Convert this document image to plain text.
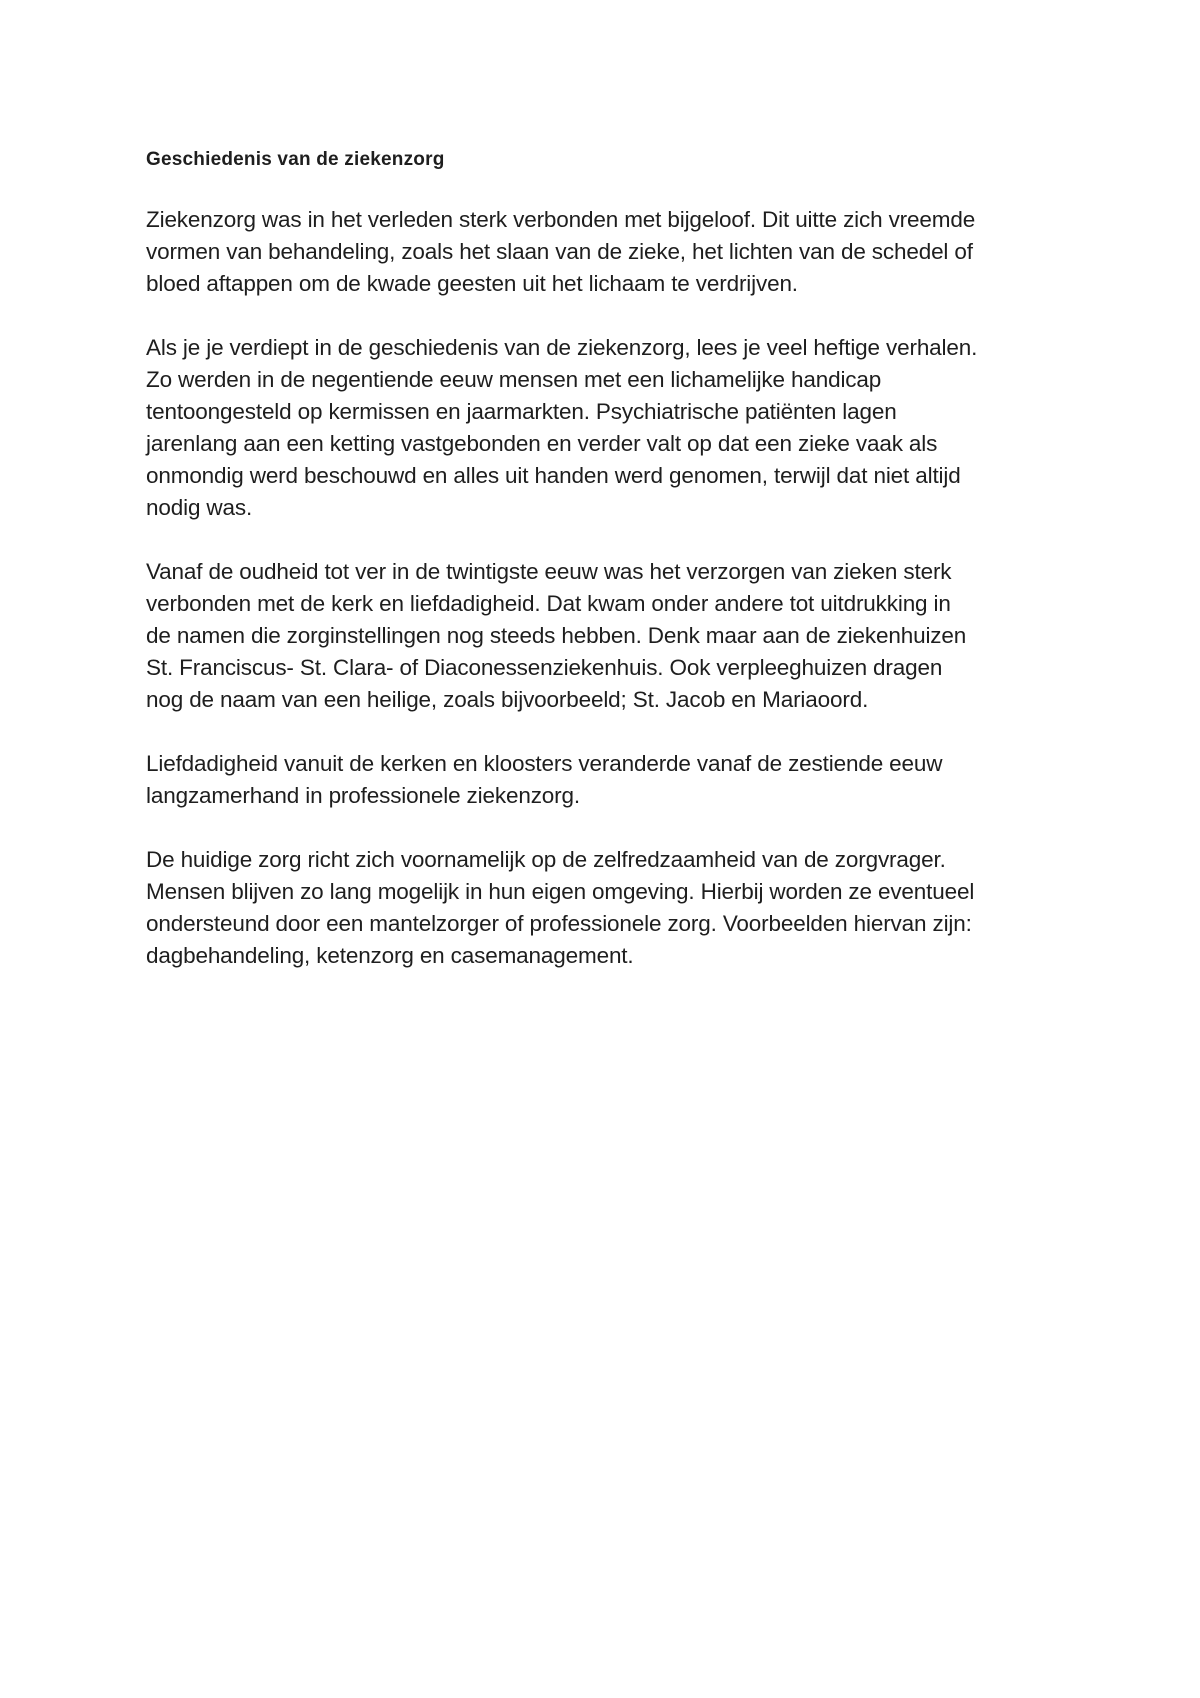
Geschiedenis van de ziekenzorg
Ziekenzorg was in het verleden sterk verbonden met bijgeloof. Dit uitte zich vreemde
vormen van behandeling, zoals het slaan van de zieke, het lichten van de schedel of
bloed aftappen om de kwade geesten uit het lichaam te verdrijven.
Als je je verdiept in de geschiedenis van de ziekenzorg, lees je veel heftige verhalen.
Zo werden in de negentiende eeuw mensen met een lichamelijke handicap
tentoongesteld op kermissen en jaarmarkten. Psychiatrische patiënten lagen
jarenlang aan een ketting vastgebonden en verder valt op dat een zieke vaak als
onmondig werd beschouwd en alles uit handen werd genomen, terwijl dat niet altijd
nodig was.
Vanaf de oudheid tot ver in de twintigste eeuw was het verzorgen van zieken sterk
verbonden met de kerk en liefdadigheid. Dat kwam onder andere tot uitdrukking in
de namen die zorginstellingen nog steeds hebben. Denk maar aan de ziekenhuizen
St. Franciscus- St. Clara- of Diaconessenziekenhuis. Ook verpleeghuizen dragen
nog de naam van een heilige, zoals bijvoorbeeld; St. Jacob en Mariaoord.
Liefdadigheid vanuit de kerken en kloosters veranderde vanaf de zestiende eeuw
langzamerhand in professionele ziekenzorg.
De huidige zorg richt zich voornamelijk op de zelfredzaamheid van de zorgvrager.
Mensen blijven zo lang mogelijk in hun eigen omgeving. Hierbij worden ze eventueel
ondersteund door een mantelzorger of professionele zorg. Voorbeelden hiervan zijn:
dagbehandeling, ketenzorg en casemanagement.
